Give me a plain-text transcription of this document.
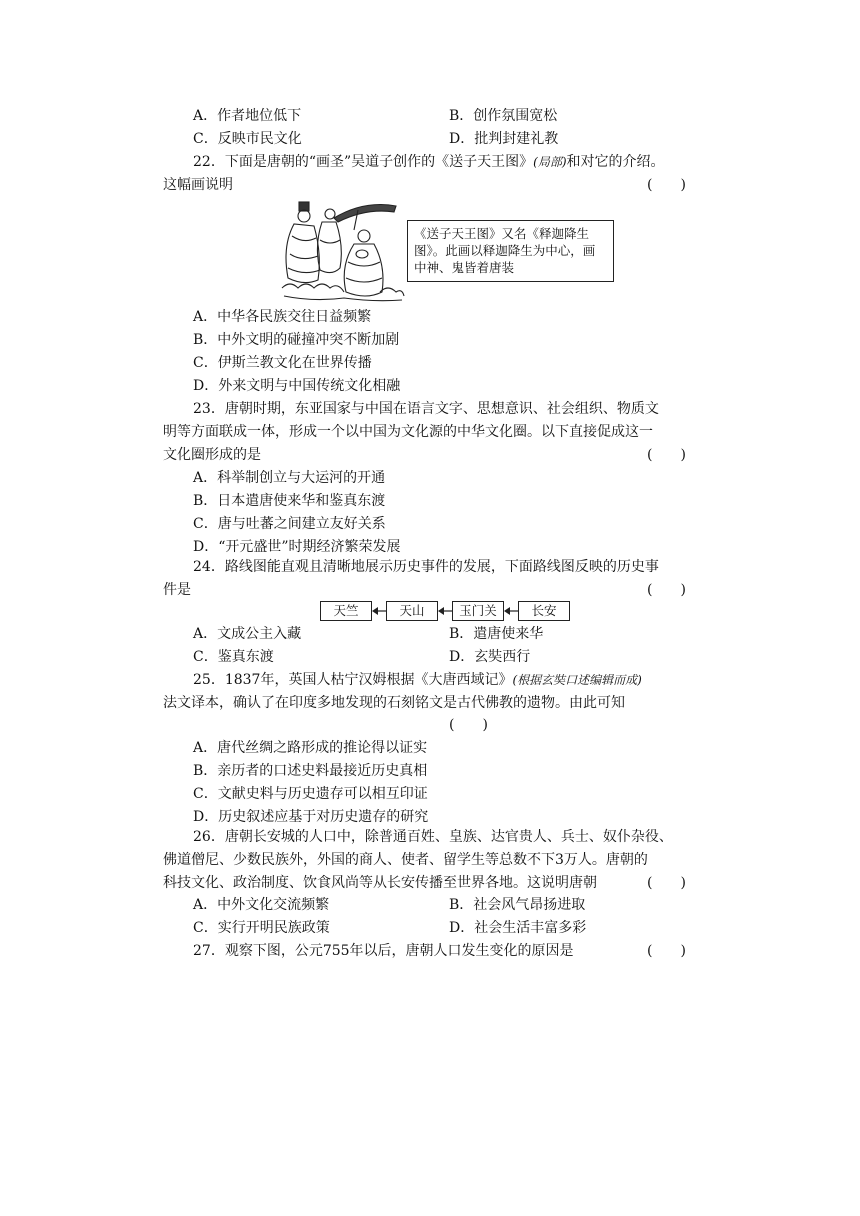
A．作者地位低下	B．创作氛围宽松
C．反映市民文化	D．批判封建礼教
22．下面是唐朝的“画圣”吴道子创作的《送子天王图》(局部)和对它的介绍。
这幅画说明	(　　)
《送子天王图》又名《释迦降生图》。此画以释迦降生为中心，画中神、鬼皆着唐装
A．中华各民族交往日益频繁
B．中外文明的碰撞冲突不断加剧
C．伊斯兰教文化在世界传播
D．外来文明与中国传统文化相融
23．唐朝时期，东亚国家与中国在语言文字、思想意识、社会组织、物质文
明等方面联成一体，形成一个以中国为文化源的中华文化圈。以下直接促成这一
文化圈形成的是	(　　)
A．科举制创立与大运河的开通
B．日本遣唐使来华和鉴真东渡
C．唐与吐蕃之间建立友好关系
D．“开元盛世”时期经济繁荣发展
24．路线图能直观且清晰地展示历史事件的发展，下面路线图反映的历史事
件是	(　　)
天竺	天山	玉门关	长安
A．文成公主入藏	B．遣唐使来华
C．鉴真东渡	D．玄奘西行
25．1837年，英国人枯宁汉姆根据《大唐西域记》(根据玄奘口述编辑而成)
法文译本，确认了在印度多地发现的石刻铭文是古代佛教的遗物。由此可知
(　　)
A．唐代丝绸之路形成的推论得以证实
B．亲历者的口述史料最接近历史真相
C．文献史料与历史遗存可以相互印证
D．历史叙述应基于对历史遗存的研究
26．唐朝长安城的人口中，除普通百姓、皇族、达官贵人、兵士、奴仆杂役、
佛道僧尼、少数民族外，外国的商人、使者、留学生等总数不下3万人。唐朝的
科技文化、政治制度、饮食风尚等从长安传播至世界各地。这说明唐朝	(　　)
A．中外文化交流频繁	B．社会风气昂扬进取
C．实行开明民族政策	D．社会生活丰富多彩
27．观察下图，公元755年以后，唐朝人口发生变化的原因是	(　　)
